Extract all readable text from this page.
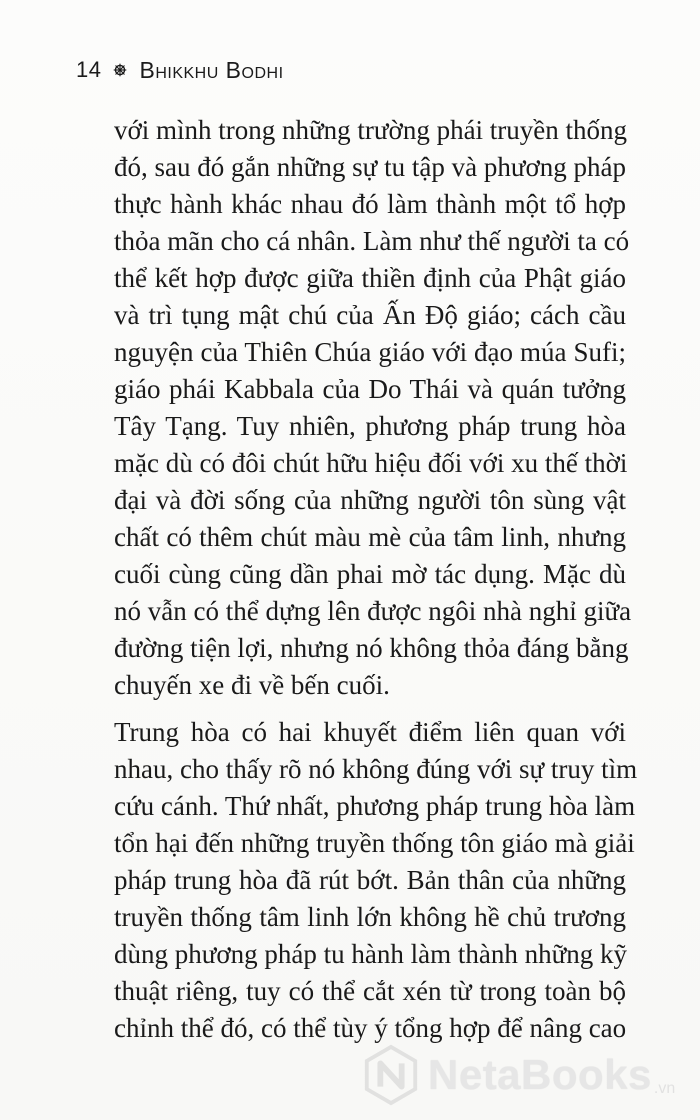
14 Bhikkhu Bodhi
với mình trong những trường phái truyền thống
đó, sau đó gắn những sự tu tập và phương pháp
thực hành khác nhau đó làm thành một tổ hợp
thỏa mãn cho cá nhân. Làm như thế người ta có
thể kết hợp được giữa thiền định của Phật giáo
và trì tụng mật chú của Ấn Độ giáo; cách cầu
nguyện của Thiên Chúa giáo với đạo múa Sufi;
giáo phái Kabbala của Do Thái và quán tưởng
Tây Tạng. Tuy nhiên, phương pháp trung hòa
mặc dù có đôi chút hữu hiệu đối với xu thế thời
đại và đời sống của những người tôn sùng vật
chất có thêm chút màu mè của tâm linh, nhưng
cuối cùng cũng dần phai mờ tác dụng. Mặc dù
nó vẫn có thể dựng lên được ngôi nhà nghỉ giữa
đường tiện lợi, nhưng nó không thỏa đáng bằng
chuyến xe đi về bến cuối.
Trung hòa có hai khuyết điểm liên quan với
nhau, cho thấy rõ nó không đúng với sự truy tìm
cứu cánh. Thứ nhất, phương pháp trung hòa làm
tổn hại đến những truyền thống tôn giáo mà giải
pháp trung hòa đã rút bớt. Bản thân của những
truyền thống tâm linh lớn không hề chủ trương
dùng phương pháp tu hành làm thành những kỹ
thuật riêng, tuy có thể cắt xén từ trong toàn bộ
chỉnh thể đó, có thể tùy ý tổng hợp để nâng cao
NetaBooks .vn
